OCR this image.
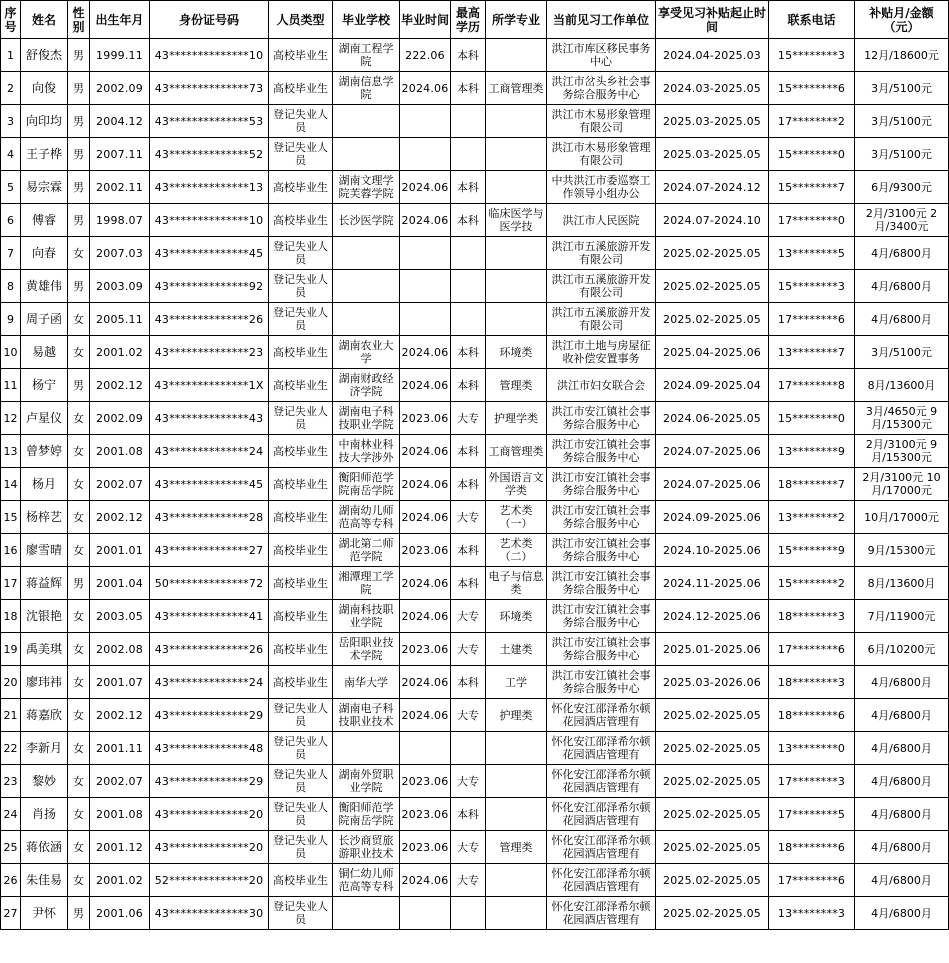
序号	姓名	性别	出生年月	身份证号码	人员类型	毕业学校	毕业时间	最高学历	所学专业	当前见习工作单位	享受见习补贴起止时间	联系电话	补贴月/金额（元）
1	舒俊杰	男	1999.11	43**************10	高校毕业生	湖南工程学院	222.06	本科		洪江市库区移民事务中心	2024.04-2025.03	15********3	12月/18600元
2	向俊	男	2002.09	43**************73	高校毕业生	湖南信息学院	2024.06	本科	工商管理类	洪江市岔头乡社会事务综合服务中心	2024.03-2025.05	15********6	3月/5100元
3	向印均	男	2004.12	43**************53	登记失业人员					洪江市木易形象管理有限公司	2025.03-2025.05	17********2	3月/5100元
4	王子桦	男	2007.11	43**************52	登记失业人员					洪江市木易形象管理有限公司	2025.03-2025.05	15********0	3月/5100元
5	易宗霖	男	2002.11	43**************13	高校毕业生	湖南文理学院芙蓉学院	2024.06	本科		中共洪江市委巡察工作领导小组办公	2024.07-2024.12	15********7	6月/9300元
6	傅睿	男	1998.07	43**************10	高校毕业生	长沙医学院	2024.06	本科	临床医学与医学技	洪江市人民医院	2024.07-2024.10	17********0	2月/3100元 2月/3400元
7	向春	女	2007.03	43**************45	登记失业人员					洪江市五溪旅游开发有限公司	2025.02-2025.05	13********5	4月/6800月
8	黄雄伟	男	2003.09	43**************92	登记失业人员					洪江市五溪旅游开发有限公司	2025.02-2025.05	15********3	4月/6800月
9	周子函	女	2005.11	43**************26	登记失业人员					洪江市五溪旅游开发有限公司	2025.02-2025.05	17********6	4月/6800月
10	易越	女	2001.02	43**************23	高校毕业生	湖南农业大学	2024.06	本科	环境类	洪江市土地与房屋征收补偿安置事务	2025.04-2025.06	13********7	3月/5100元
11	杨宁	男	2002.12	43**************1X	高校毕业生	湖南财政经济学院	2024.06	本科	管理类	洪江市妇女联合会	2024.09-2025.04	17********8	8月/13600月
12	卢星仪	女	2002.09	43**************43	登记失业人员	湖南电子科技职业学院	2023.06	大专	护理学类	洪江市安江镇社会事务综合服务中心	2024.06-2025.05	15********0	3月/4650元 9月/15300元
13	曾梦婷	女	2001.08	43**************24	高校毕业生	中南林业科技大学涉外	2024.06	本科	工商管理类	洪江市安江镇社会事务综合服务中心	2024.07-2025.06	13********9	2月/3100元 9月/15300元
14	杨月	女	2002.07	43**************45	高校毕业生	衡阳师范学院南岳学院	2024.06	本科	外国语言文学类	洪江市安江镇社会事务综合服务中心	2024.07-2025.06	18********7	2月/3100元 10月/17000元
15	杨梓艺	女	2002.12	43**************28	高校毕业生	湖南幼儿师范高等专科	2024.06	大专	艺术类（一）	洪江市安江镇社会事务综合服务中心	2024.09-2025.06	13********2	10月/17000元
16	廖雪晴	女	2001.01	43**************27	高校毕业生	湖北第二师范学院	2023.06	本科	艺术类（二）	洪江市安江镇社会事务综合服务中心	2024.10-2025.06	15********9	9月/15300元
17	蒋益辉	男	2001.04	50**************72	高校毕业生	湘潭理工学院	2024.06	本科	电子与信息类	洪江市安江镇社会事务综合服务中心	2024.11-2025.06	15********2	8月/13600月
18	沈银艳	女	2003.05	43**************41	高校毕业生	湖南科技职业学院	2024.06	大专	环境类	洪江市安江镇社会事务综合服务中心	2024.12-2025.06	18********3	7月/11900元
19	禹美琪	女	2002.08	43**************26	高校毕业生	岳阳职业技术学院	2023.06	大专	土建类	洪江市安江镇社会事务综合服务中心	2025.01-2025.06	17********6	6月/10200元
20	廖玮袆	女	2001.07	43**************24	高校毕业生	南华大学	2024.06	本科	工学	洪江市安江镇社会事务综合服务中心	2025.03-2026.06	18********3	4月/6800月
21	蒋嘉欣	女	2002.12	43**************29	登记失业人员	湖南电子科技职业技术	2024.06	大专	护理类	怀化安江邵泽希尔顿花园酒店管理有	2025.02-2025.05	18********6	4月/6800月
22	李新月	女	2001.11	43**************48	登记失业人员					怀化安江邵泽希尔顿花园酒店管理有	2025.02-2025.05	13********0	4月/6800月
23	黎妙	女	2002.07	43**************29	登记失业人员	湖南外贸职业学院	2023.06	大专		怀化安江邵泽希尔顿花园酒店管理有	2025.02-2025.05	17********3	4月/6800月
24	肖扬	女	2001.08	43**************20	登记失业人员	衡阳师范学院南岳学院	2023.06	本科		怀化安江邵泽希尔顿花园酒店管理有	2025.02-2025.05	17********5	4月/6800月
25	蒋依涵	女	2001.12	43**************20	登记失业人员	长沙商贸旅游职业技术	2023.06	大专	管理类	怀化安江邵泽希尔顿花园酒店管理有	2025.02-2025.05	18********6	4月/6800月
26	朱佳易	女	2001.02	52**************20	高校毕业生	铜仁幼儿师范高等专科	2024.06	大专		怀化安江邵泽希尔顿花园酒店管理有	2025.02-2025.05	17********6	4月/6800月
27	尹怀	男	2001.06	43**************30	登记失业人员					怀化安江邵泽希尔顿花园酒店管理有	2025.02-2025.05	13********3	4月/6800月
